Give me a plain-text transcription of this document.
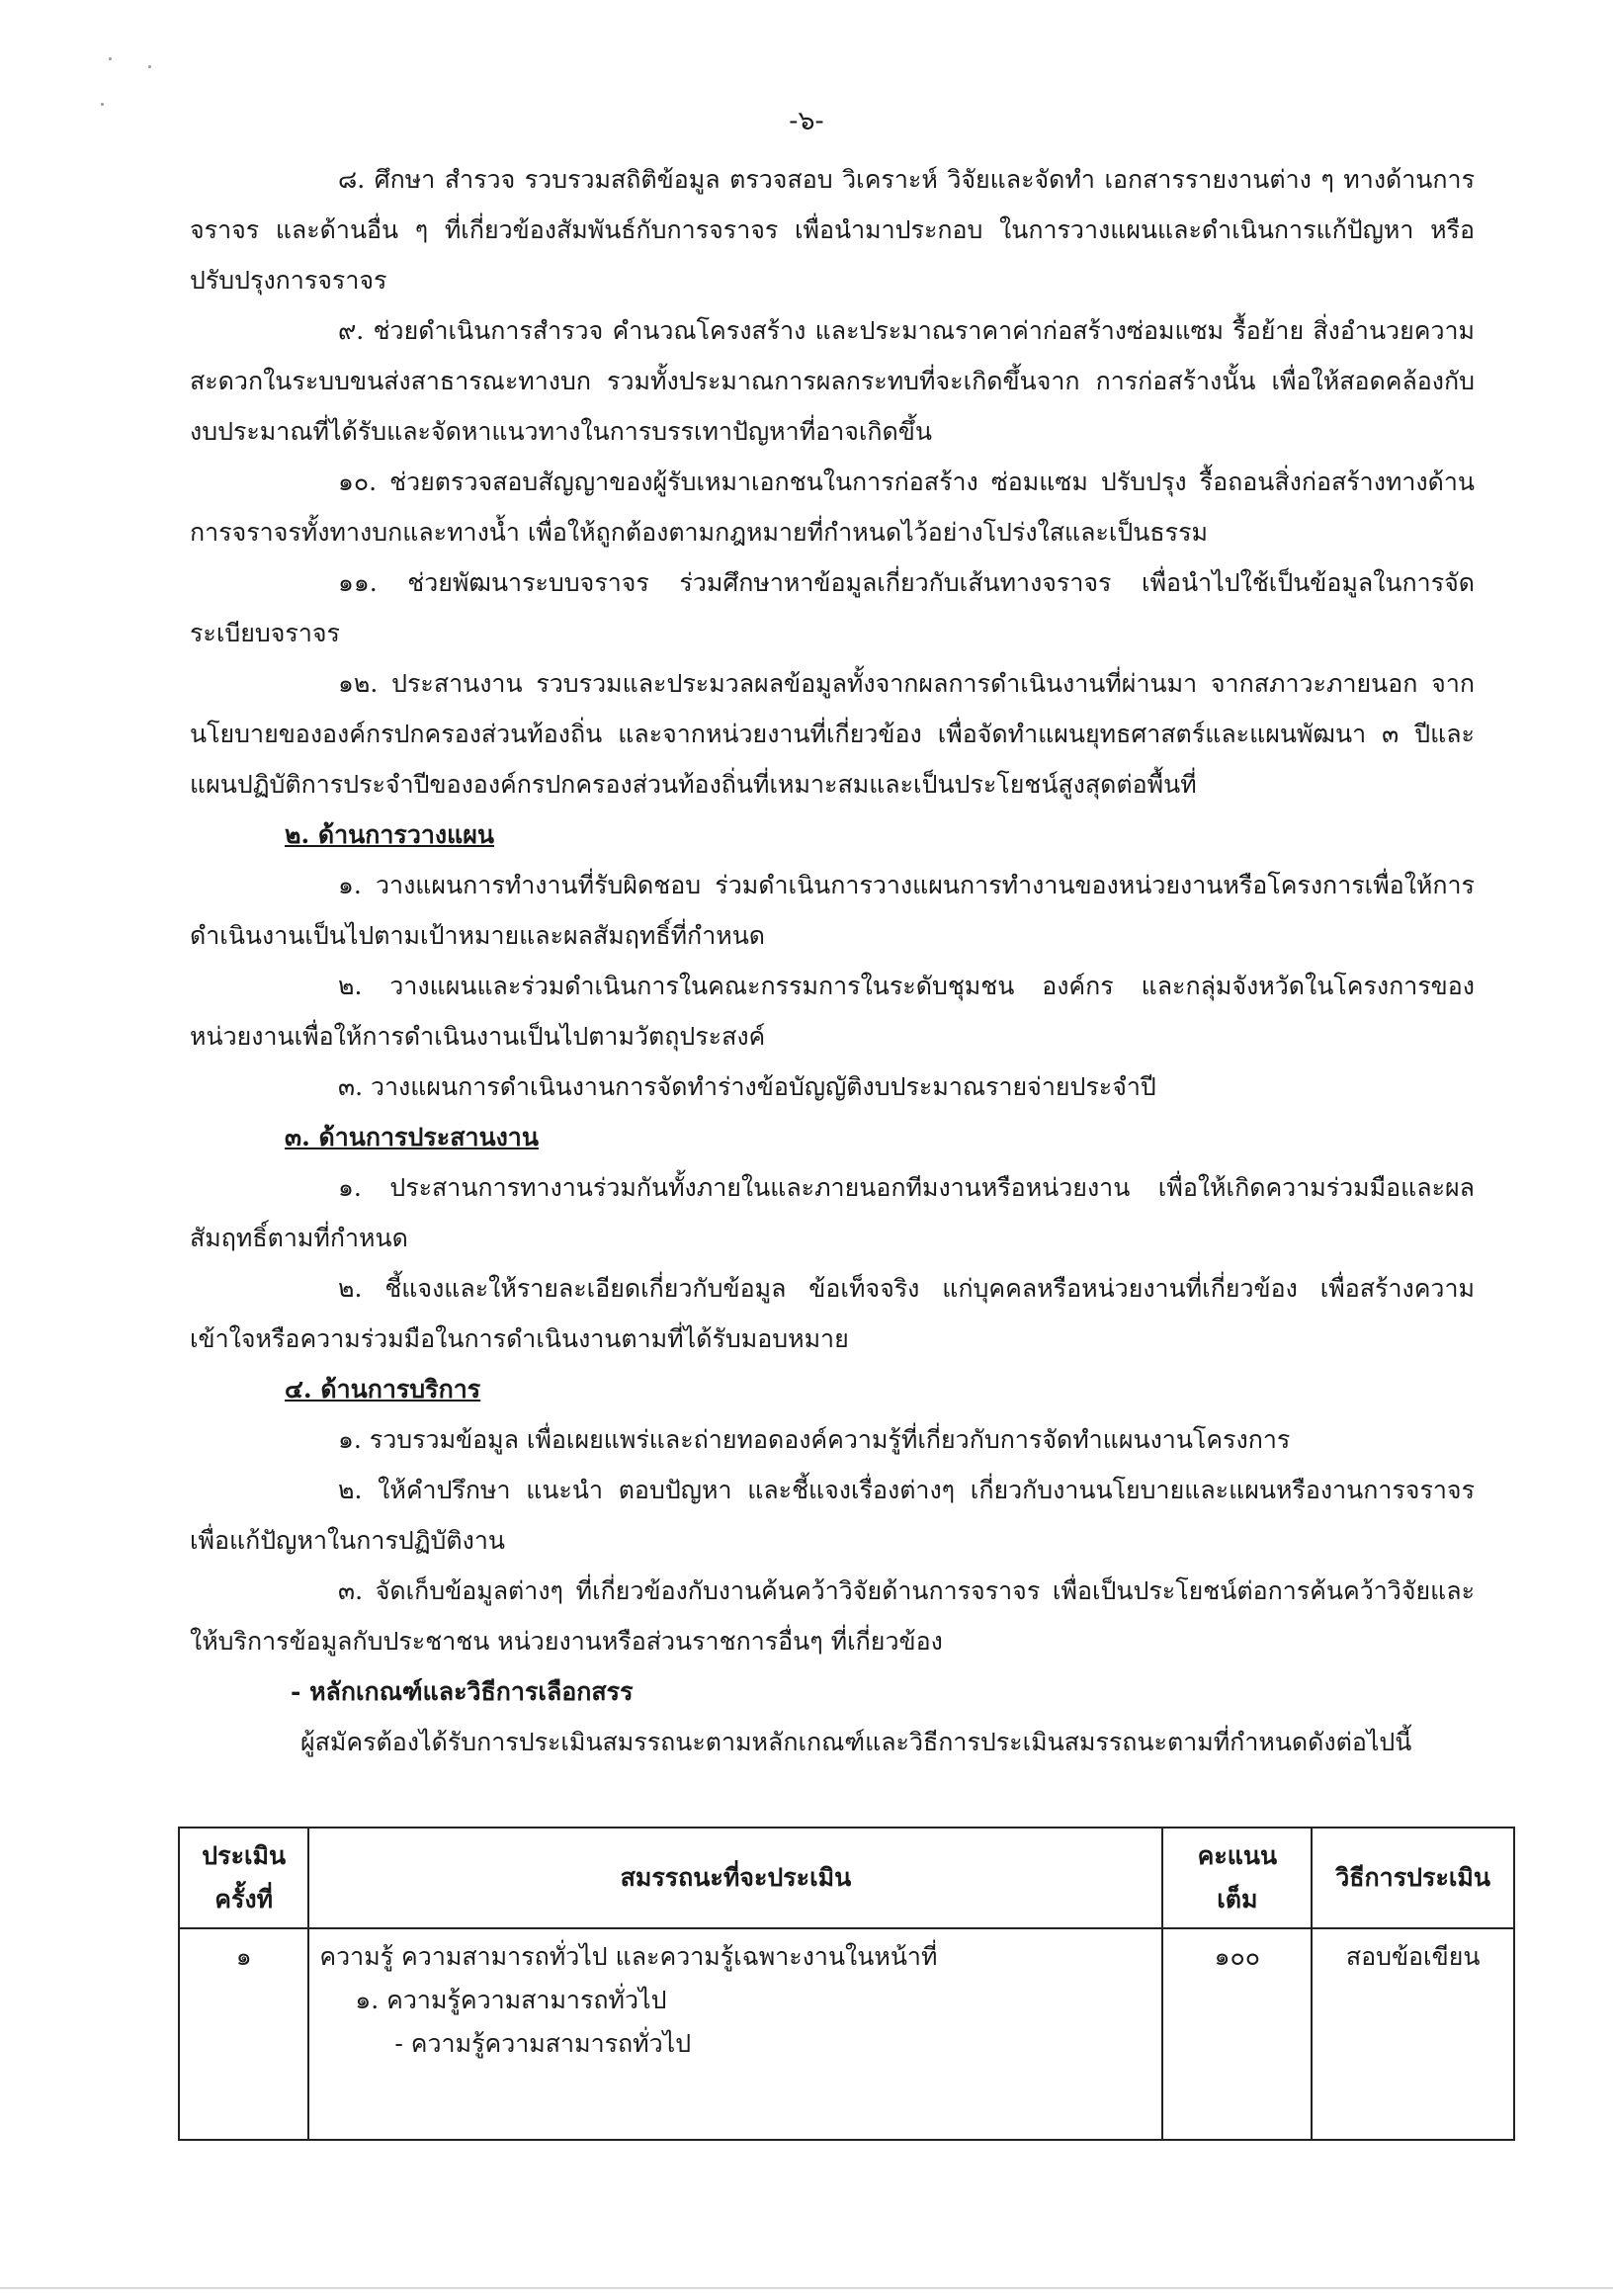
-๖-

๘. ศึกษา สำรวจ รวบรวมสถิติข้อมูล ตรวจสอบ วิเคราะห์ วิจัยและจัดทำ เอกสารรายงานต่าง ๆ ทางด้านการจราจร และด้านอื่น ๆ ที่เกี่ยวข้องสัมพันธ์กับการจราจร เพื่อนำมาประกอบ ในการวางแผนและดำเนินการแก้ปัญหา หรือปรับปรุงการจราจร

๙. ช่วยดำเนินการสำรวจ คำนวณโครงสร้าง และประมาณราคาค่าก่อสร้างซ่อมแซม รื้อย้าย สิ่งอำนวยความสะดวกในระบบขนส่งสาธารณะทางบก รวมทั้งประมาณการผลกระทบที่จะเกิดขึ้นจาก การก่อสร้างนั้น เพื่อให้สอดคล้องกับงบประมาณที่ได้รับและจัดหาแนวทางในการบรรเทาปัญหาที่อาจเกิดขึ้น

๑๐. ช่วยตรวจสอบสัญญาของผู้รับเหมาเอกชนในการก่อสร้าง ซ่อมแซม ปรับปรุง รื้อถอนสิ่งก่อสร้างทางด้านการจราจรทั้งทางบกและทางน้ำ เพื่อให้ถูกต้องตามกฎหมายที่กำหนดไว้อย่างโปร่งใสและเป็นธรรม

๑๑. ช่วยพัฒนาระบบจราจร ร่วมศึกษาหาข้อมูลเกี่ยวกับเส้นทางจราจร เพื่อนำไปใช้เป็นข้อมูลในการจัดระเบียบจราจร

๑๒. ประสานงาน รวบรวมและประมวลผลข้อมูลทั้งจากผลการดำเนินงานที่ผ่านมา จากสภาวะภายนอก จากนโยบายขององค์กรปกครองส่วนท้องถิ่น และจากหน่วยงานที่เกี่ยวข้อง เพื่อจัดทำแผนยุทธศาสตร์และแผนพัฒนา ๓ ปีและแผนปฏิบัติการประจำปีขององค์กรปกครองส่วนท้องถิ่นที่เหมาะสมและเป็นประโยชน์สูงสุดต่อพื้นที่

๒. ด้านการวางแผน

๑. วางแผนการทำงานที่รับผิดชอบ ร่วมดำเนินการวางแผนการทำงานของหน่วยงานหรือโครงการเพื่อให้การดำเนินงานเป็นไปตามเป้าหมายและผลสัมฤทธิ์ที่กำหนด

๒. วางแผนและร่วมดำเนินการในคณะกรรมการในระดับชุมชน องค์กร และกลุ่มจังหวัดในโครงการของหน่วยงานเพื่อให้การดำเนินงานเป็นไปตามวัตถุประสงค์

๓. วางแผนการดำเนินงานการจัดทำร่างข้อบัญญัติงบประมาณรายจ่ายประจำปี

๓. ด้านการประสานงาน

๑. ประสานการทางานร่วมกันทั้งภายในและภายนอกทีมงานหรือหน่วยงาน เพื่อให้เกิดความร่วมมือและผลสัมฤทธิ์ตามที่กำหนด

๒. ชี้แจงและให้รายละเอียดเกี่ยวกับข้อมูล ข้อเท็จจริง แก่บุคคลหรือหน่วยงานที่เกี่ยวข้อง เพื่อสร้างความเข้าใจหรือความร่วมมือในการดำเนินงานตามที่ได้รับมอบหมาย

๔. ด้านการบริการ

๑. รวบรวมข้อมูล เพื่อเผยแพร่และถ่ายทอดองค์ความรู้ที่เกี่ยวกับการจัดทำแผนงานโครงการ

๒. ให้คำปรึกษา แนะนำ ตอบปัญหา และชี้แจงเรื่องต่างๆ เกี่ยวกับงานนโยบายและแผนหรืองานการจราจร เพื่อแก้ปัญหาในการปฏิบัติงาน

๓. จัดเก็บข้อมูลต่างๆ ที่เกี่ยวข้องกับงานค้นคว้าวิจัยด้านการจราจร เพื่อเป็นประโยชน์ต่อการค้นคว้าวิจัยและให้บริการข้อมูลกับประชาชน หน่วยงานหรือส่วนราชการอื่นๆ ที่เกี่ยวข้อง

- หลักเกณฑ์และวิธีการเลือกสรร

ผู้สมัครต้องได้รับการประเมินสมรรถนะตามหลักเกณฑ์และวิธีการประเมินสมรรถนะตามที่กำหนดดังต่อไปนี้

ประเมิน ครั้งที่	สมรรถนะที่จะประเมิน	คะแนน เต็ม	วิธีการประเมิน
๑	ความรู้ ความสามารถทั่วไป และความรู้เฉพาะงานในหน้าที่
๑. ความรู้ความสามารถทั่วไป
- ความรู้ความสามารถทั่วไป	๑๐๐	สอบข้อเขียน
